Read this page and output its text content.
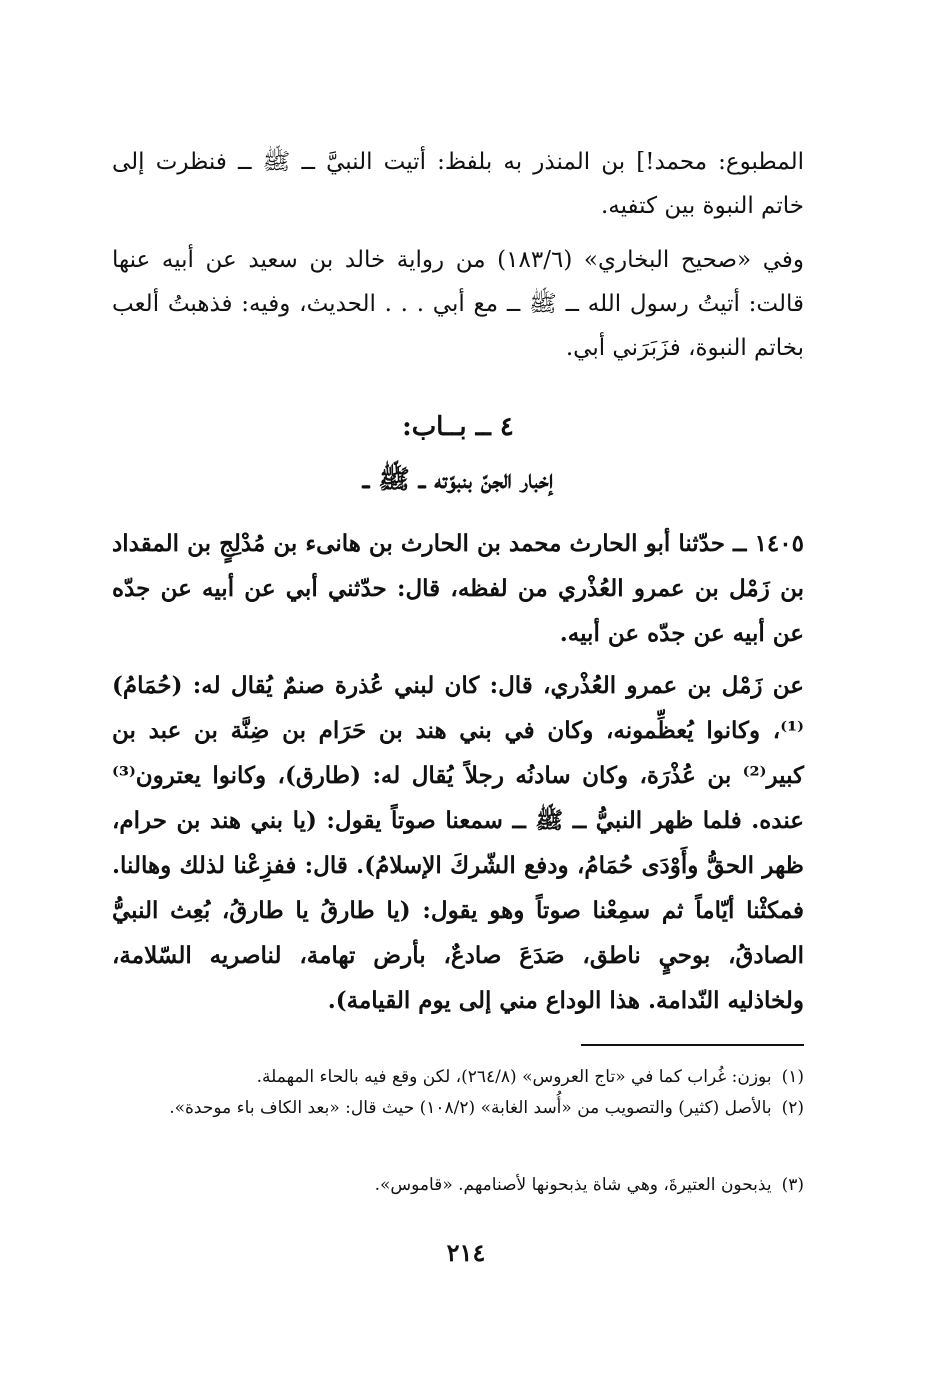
المطبوع: محمد!] بن المنذر به بلفظ: أتيت النبيَّ ــ ﷺ ــ فنظرت إلى خاتم النبوة بين كتفيه.

وفي «صحيح البخاري» (١٨٣/٦) من رواية خالد بن سعيد عن أبيه عنها قالت: أتيتُ رسول الله ــ ﷺ ــ مع أبي . . . الحديث، وفيه: فذهبتُ ألعب بخاتم النبوة، فزَبَرَني أبي.

٤ ــ بــاب:
إخبار الجنّ بنبوّته ــ ﷺ ــ

١٤٠٥ ــ حدّثنا أبو الحارث محمد بن الحارث بن هانىء بن مُدْلِجٍ بن المقداد بن زَمْل بن عمرو العُذْري من لفظه، قال: حدّثني أبي عن أبيه عن جدّه عن أبيه عن جدّه عن أبيه.

عن زَمْل بن عمرو العُذْري، قال: كان لبني عُذرة صنمٌ يُقال له: (حُمَامُ)⁽¹⁾، وكانوا يُعظِّمونه، وكان في بني هند بن حَرَام بن ضِنَّة بن عبد بن كبير⁽²⁾ بن عُذْرَة، وكان سادنُه رجلاً يُقال له: (طارق)، وكانوا يعترون⁽³⁾ عنده. فلما ظهر النبيُّ ــ ﷺ ــ سمعنا صوتاً يقول: (يا بني هند بن حرام، ظهر الحقُّ وأَوْدَى حُمَامُ، ودفع الشّركَ الإسلامُ). قال: ففزِعْنا لذلك وهالنا. فمكثْنا أيّاماً ثم سمِعْنا صوتاً وهو يقول: (يا طارقُ يا طارقُ، بُعِث النبيُّ الصادقُ، بوحيٍ ناطق، صَدَعَ صادعٌ، بأرض تهامة، لناصريه السّلامة، ولخاذليه النّدامة. هذا الوداع مني إلى يوم القيامة).

(١)بوزن: غُراب كما في «تاج العروس» (٢٦٤/٨)، لكن وقع فيه بالحاء المهملة.

(٢)بالأصل (كثير) والتصويب من «أُسد الغابة» (١٠٨/٢) حيث قال: «بعد الكاف باء موحدة».

(٣)يذبحون العتيرةَ، وهي شاة يذبحونها لأصنامهم. «قاموس».

٢١٤
